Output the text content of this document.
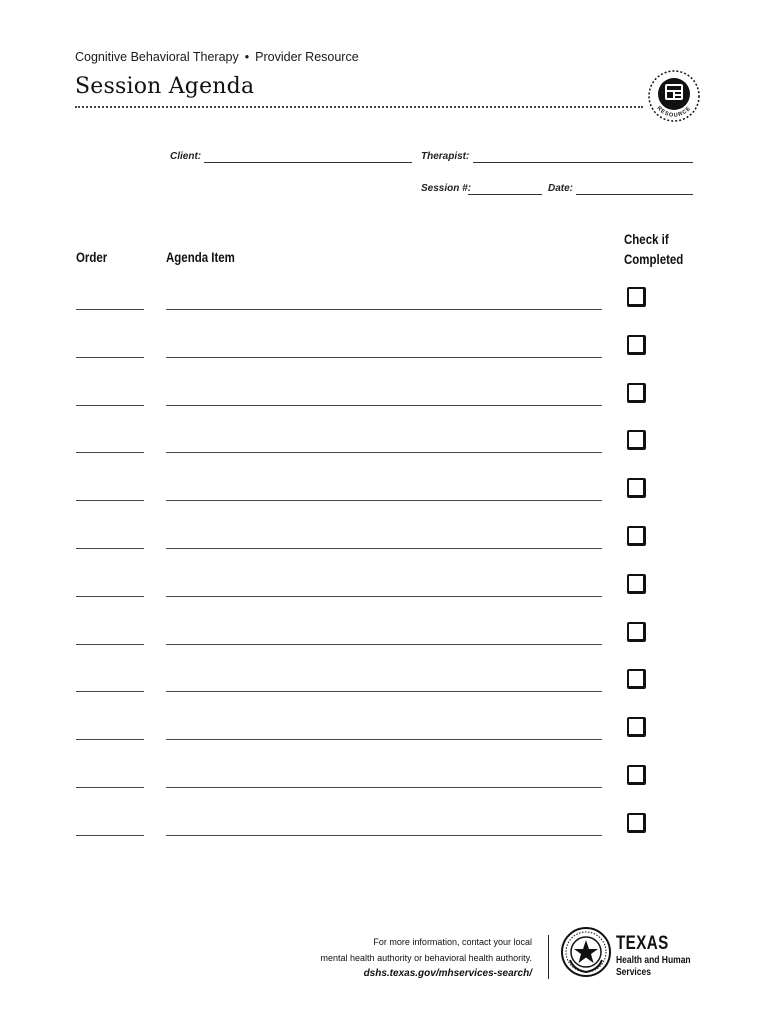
Cognitive Behavioral Therapy • Provider Resource
Session Agenda
RESOURCE
Client:	Therapist:
Session #:	Date:
Order	Agenda Item
Check if
Completed
For more information, contact your local
mental health authority or behavioral health authority.
dshs.texas.gov/mhservices-search/
TEXAS
Health and Human
Services
